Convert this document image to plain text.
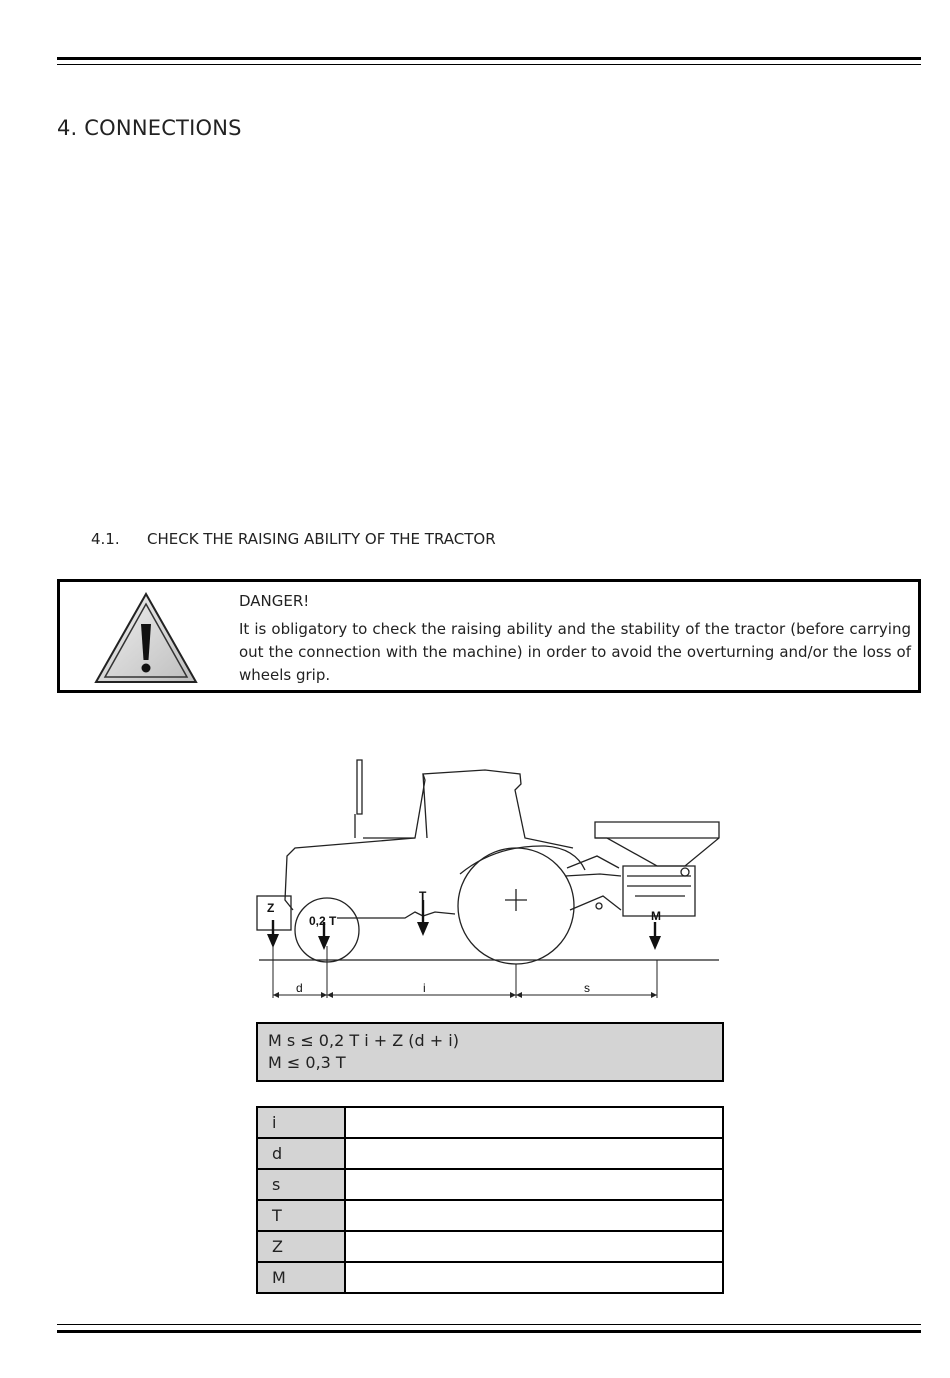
4. CONNECTIONS
4.1. CHECK THE RAISING ABILITY OF THE TRACTOR
DANGER!

It is obligatory to check the raising ability and the stability of the tractor (before carrying out the connection with the machine) in order to avoid the overturning and/or the loss of wheels grip.

Z
0,2 T
T
M
d	i	s
M s ≤ 0,2 T i + Z (d + i)
M ≤ 0,3 T
i	
d	
s	
T	
Z	
M	
